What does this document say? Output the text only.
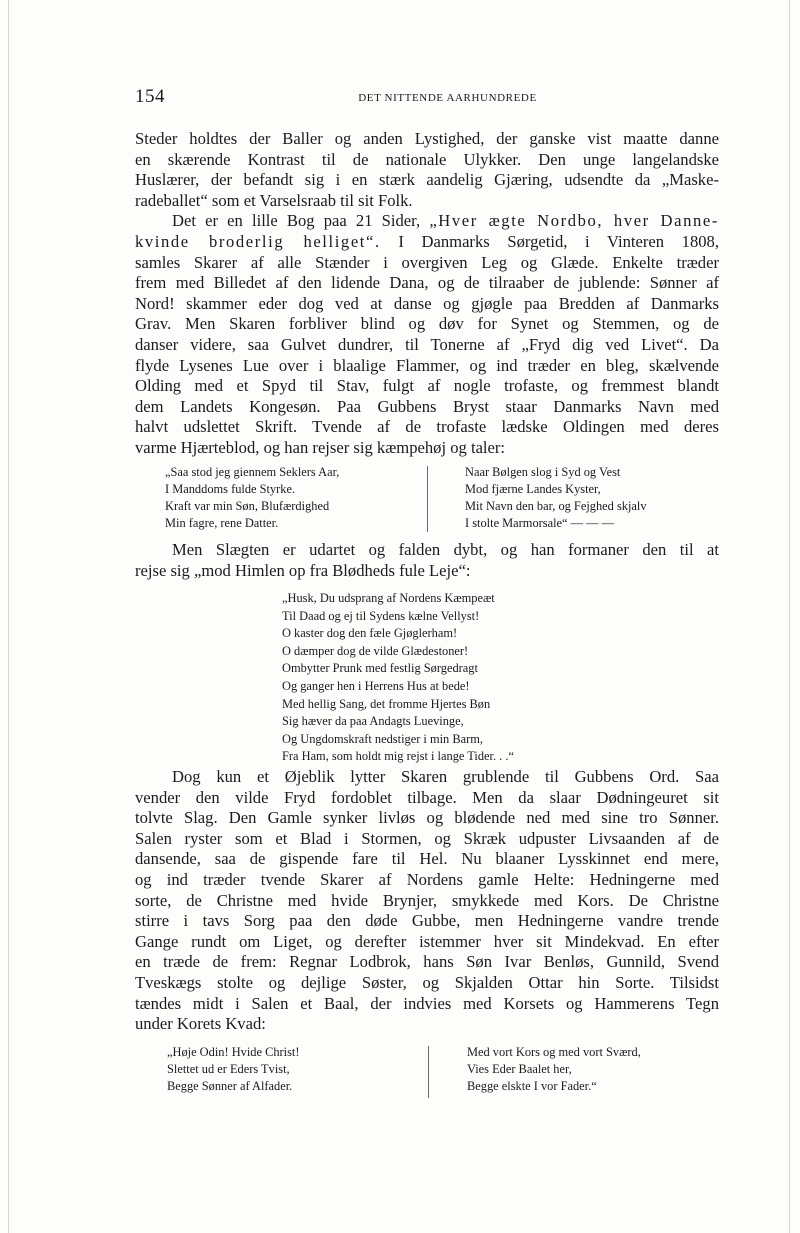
154	DET NITTENDE AARHUNDREDE
Steder holdtes der Baller og anden Lystighed, der ganske vist maatte danne
en skærende Kontrast til de nationale Ulykker. Den unge langelandske
Huslærer, der befandt sig i en stærk aandelig Gjæring, udsendte da „Maske-
radeballet“ som et Varselsraab til sit Folk.
Det er en lille Bog paa 21 Sider, „Hver ægte Nordbo, hver Danne-
kvinde broderlig helliget“. I Danmarks Sørgetid, i Vinteren 1808,
samles Skarer af alle Stænder i overgiven Leg og Glæde. Enkelte træder
frem med Billedet af den lidende Dana, og de tilraaber de jublende: Sønner af
Nord! skammer eder dog ved at danse og gjøgle paa Bredden af Danmarks
Grav. Men Skaren forbliver blind og døv for Synet og Stemmen, og de
danser videre, saa Gulvet dundrer, til Tonerne af „Fryd dig ved Livet“. Da
flyde Lysenes Lue over i blaalige Flammer, og ind træder en bleg, skælvende
Olding med et Spyd til Stav, fulgt af nogle trofaste, og fremmest blandt
dem Landets Kongesøn. Paa Gubbens Bryst staar Danmarks Navn med
halvt udslettet Skrift. Tvende af de trofaste lædske Oldingen med deres
varme Hjærteblod, og han rejser sig kæmpehøj og taler:
„Saa stod jeg giennem Seklers Aar,
I Manddoms fulde Styrke.
Kraft var min Søn, Blufærdighed
Min fagre, rene Datter.
Naar Bølgen slog i Syd og Vest
Mod fjærne Landes Kyster,
Mit Navn den bar, og Fejghed skjalv
I stolte Marmorsale“ — — —
Men Slægten er udartet og falden dybt, og han formaner den til at
rejse sig „mod Himlen op fra Blødheds fule Leje“:
„Husk, Du udsprang af Nordens Kæmpeæt
Til Daad og ej til Sydens kælne Vellyst!
O kaster dog den fæle Gjøglerham!
O dæmper dog de vilde Glædestoner!
Ombytter Prunk med festlig Sørgedragt
Og ganger hen i Herrens Hus at bede!
Med hellig Sang, det fromme Hjertes Bøn
Sig hæver da paa Andagts Luevinge,
Og Ungdomskraft nedstiger i min Barm,
Fra Ham, som holdt mig rejst i lange Tider. . .“
Dog kun et Øjeblik lytter Skaren grublende til Gubbens Ord. Saa
vender den vilde Fryd fordoblet tilbage. Men da slaar Dødningeuret sit
tolvte Slag. Den Gamle synker livløs og blødende ned med sine tro Sønner.
Salen ryster som et Blad i Stormen, og Skræk udpuster Livsaanden af de
dansende, saa de gispende fare til Hel. Nu blaaner Lysskinnet end mere,
og ind træder tvende Skarer af Nordens gamle Helte: Hedningerne med
sorte, de Christne med hvide Brynjer, smykkede med Kors. De Christne
stirre i tavs Sorg paa den døde Gubbe, men Hedningerne vandre trende
Gange rundt om Liget, og derefter istemmer hver sit Mindekvad. En efter
en træde de frem: Regnar Lodbrok, hans Søn Ivar Benløs, Gunnild, Svend
Tveskægs stolte og dejlige Søster, og Skjalden Ottar hin Sorte. Tilsidst
tændes midt i Salen et Baal, der indvies med Korsets og Hammerens Tegn
under Korets Kvad:
„Høje Odin! Hvide Christ!
Slettet ud er Eders Tvist,
Begge Sønner af Alfader.
Med vort Kors og med vort Sværd,
Vies Eder Baalet her,
Begge elskte I vor Fader.“
